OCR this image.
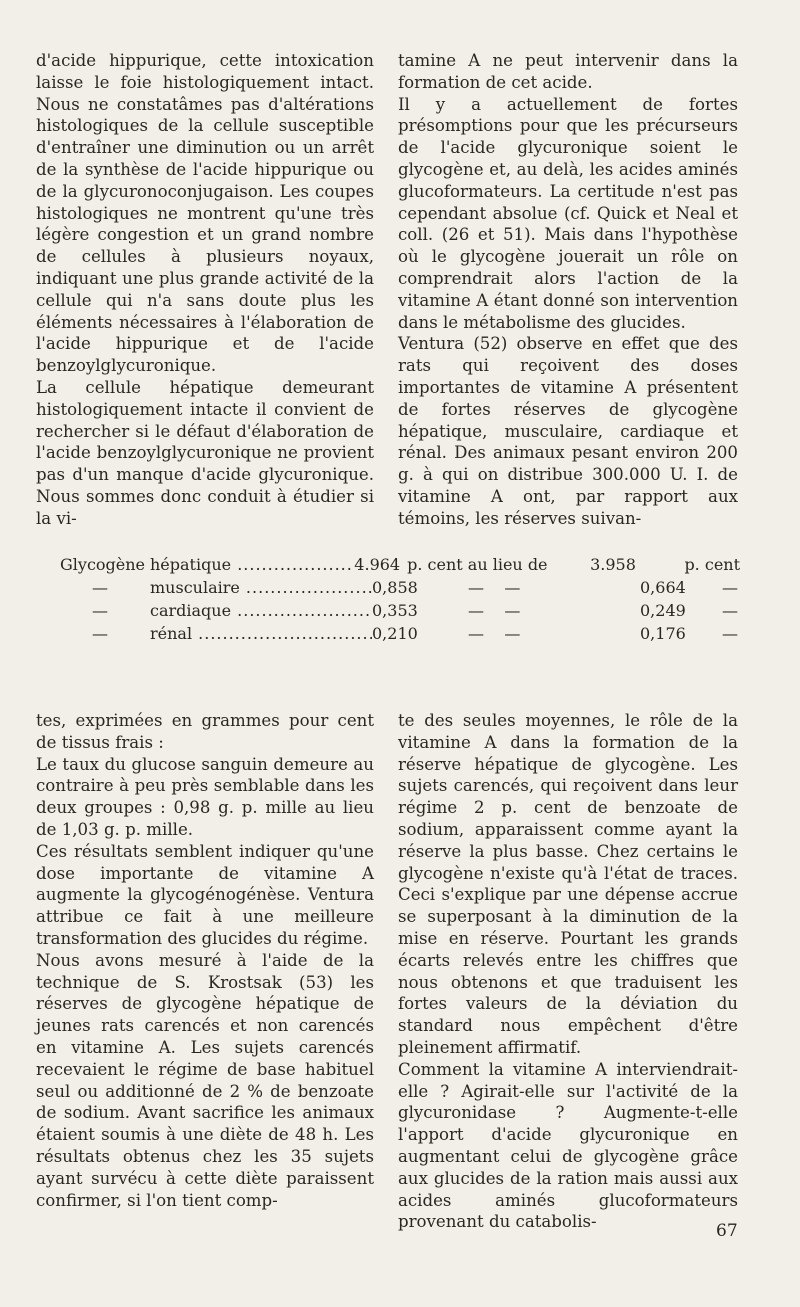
d'acide hippurique, cette intoxication laisse le foie histologiquement intact. Nous ne constatâmes pas d'altérations histologiques de la cellule susceptible d'entraîner une diminution ou un arrêt de la synthèse de l'acide hippurique ou de la glycuronoconjugaison. Les coupes histologiques ne montrent qu'une très légère congestion et un grand nombre de cellules à plusieurs noyaux, indiquant une plus grande activité de la cellule qui n'a sans doute plus les éléments nécessaires à l'élaboration de l'acide hippurique et de l'acide benzoylglycuronique.

La cellule hépatique demeurant histologiquement intacte il convient de rechercher si le défaut d'élaboration de l'acide benzoylglycuronique ne provient pas d'un manque d'acide glycuronique. Nous sommes donc conduit à étudier si la vi-

tamine A ne peut intervenir dans la formation de cet acide.

Il y a actuellement de fortes présomptions pour que les précurseurs de l'acide glycuronique soient le glycogène et, au delà, les acides aminés glucoformateurs. La certitude n'est pas cependant absolue (cf. Quick et Neal et coll. (26 et 51). Mais dans l'hypothèse où le glycogène jouerait un rôle on comprendrait alors l'action de la vitamine A étant donné son intervention dans le métabolisme des glucides.

Ventura (52) observe en effet que des rats qui reçoivent des doses importantes de vitamine A présentent de fortes réserves de glycogène hépatique, musculaire, cardiaque et rénal. Des animaux pesant environ 200 g. à qui on distribue 300.000 U. I. de vitamine A ont, par rapport aux témoins, les réserves suivan-

Glycogène hépatique .....	4.964 p. cent au lieu de	3.958	p. cent
—	musculaire .....	0,858	—    —	0,664	—
—	cardiaque .....	0,353	—    —	0,249	—
—	rénal .....	0,210	—    —	0,176	—

tes, exprimées en grammes pour cent de tissus frais :

Le taux du glucose sanguin demeure au contraire à peu près semblable dans les deux groupes : 0,98 g. p. mille au lieu de 1,03 g. p. mille.

Ces résultats semblent indiquer qu'une dose importante de vitamine A augmente la glycogénogénèse. Ventura attribue ce fait à une meilleure transformation des glucides du régime.

Nous avons mesuré à l'aide de la technique de S. Krostsak (53) les réserves de glycogène hépatique de jeunes rats carencés et non carencés en vitamine A. Les sujets carencés recevaient le régime de base habituel seul ou additionné de 2 % de benzoate de sodium. Avant sacrifice les animaux étaient soumis à une diète de 48 h. Les résultats obtenus chez les 35 sujets ayant survécu à cette diète paraissent confirmer, si l'on tient comp-

te des seules moyennes, le rôle de la vitamine A dans la formation de la réserve hépatique de glycogène. Les sujets carencés, qui reçoivent dans leur régime 2 p. cent de benzoate de sodium, apparaissent comme ayant la réserve la plus basse. Chez certains le glycogène n'existe qu'à l'état de traces. Ceci s'explique par une dépense accrue se superposant à la diminution de la mise en réserve. Pourtant les grands écarts relevés entre les chiffres que nous obtenons et que traduisent les fortes valeurs de la déviation du standard nous empêchent d'être pleinement affirmatif.

Comment la vitamine A interviendrait-elle ? Agirait-elle sur l'activité de la glycuronidase ? Augmente-t-elle l'apport d'acide glycuronique en augmentant celui de glycogène grâce aux glucides de la ration mais aussi aux acides aminés glucoformateurs provenant du catabolis-	67
